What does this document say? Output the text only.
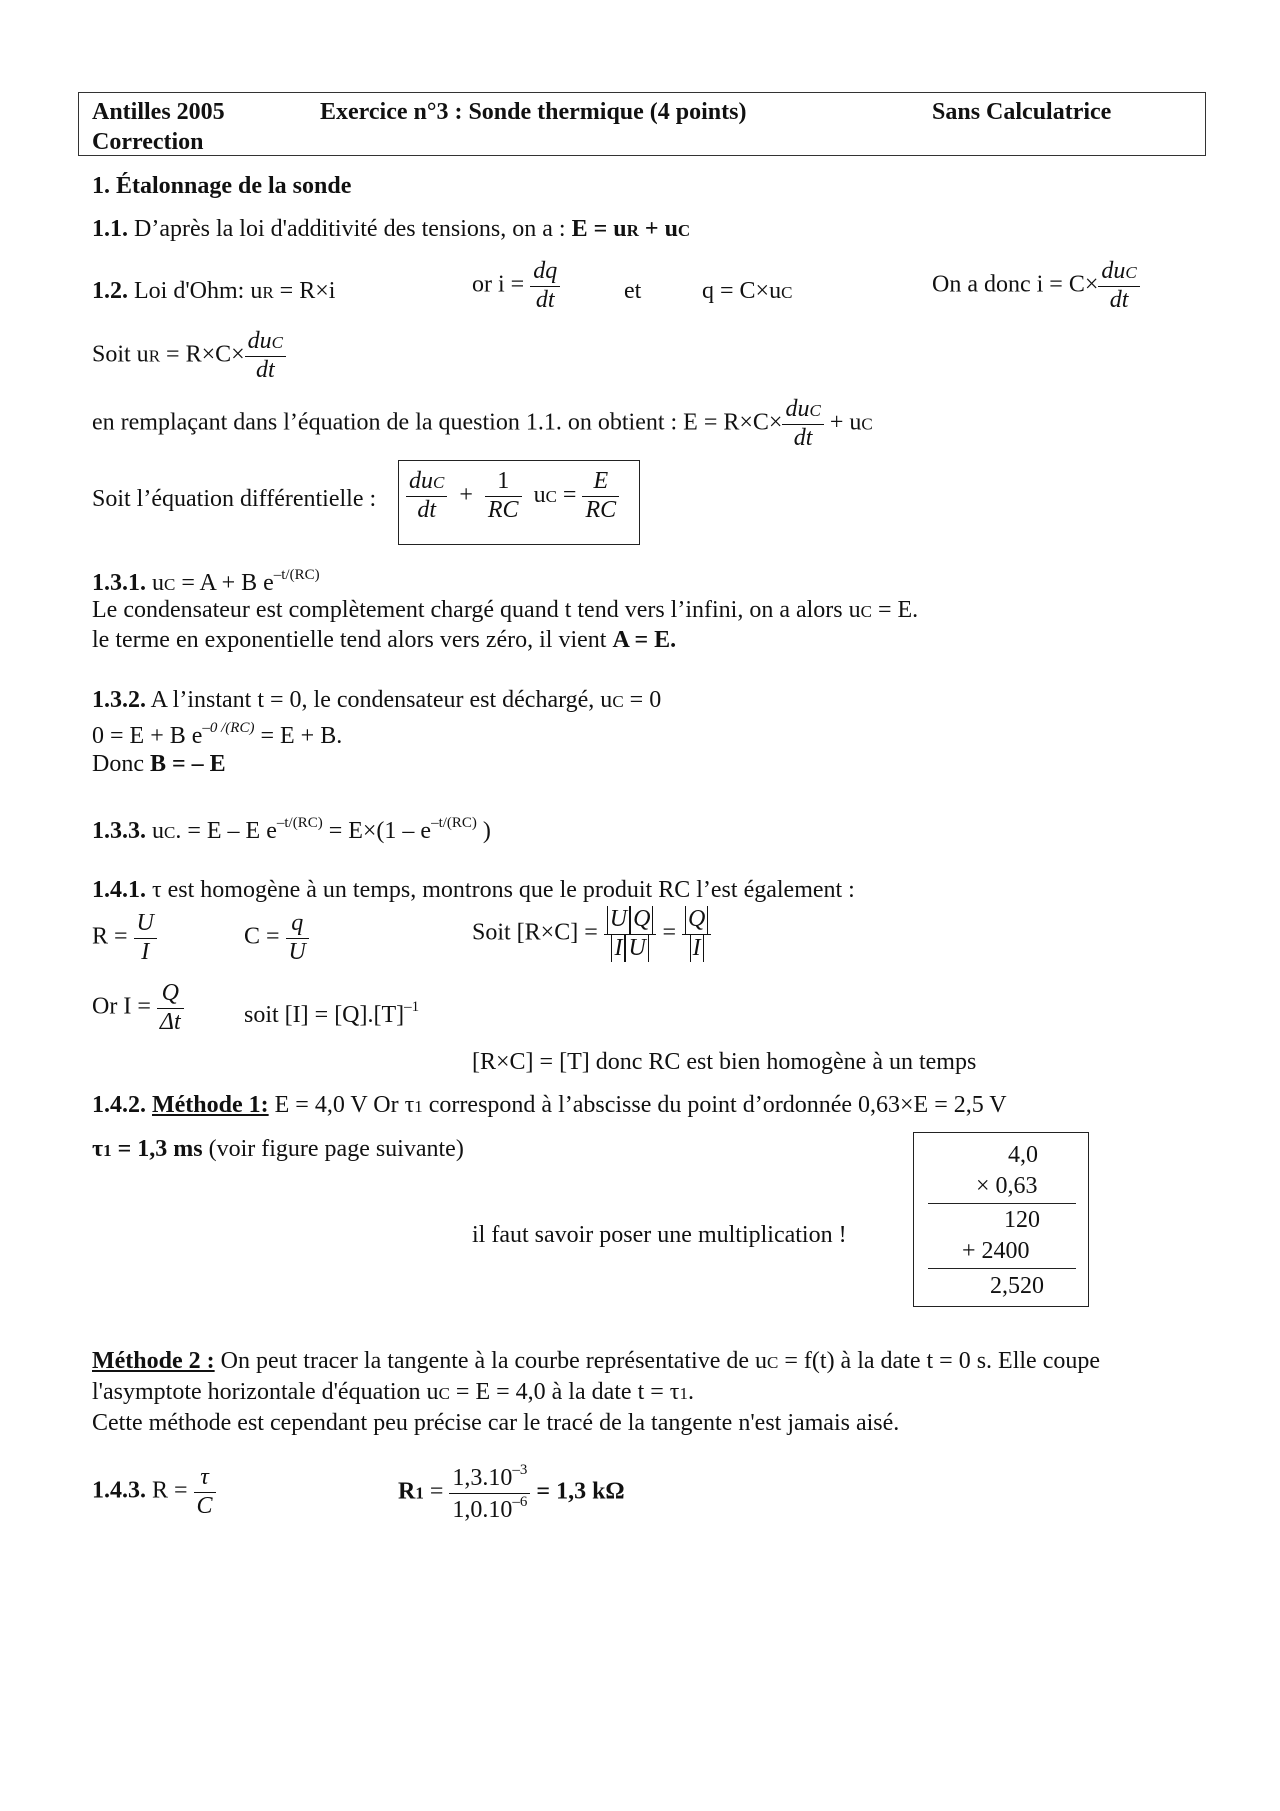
Antilles 2005
Correction
Exercice n°3 : Sonde thermique (4 points)	Sans Calculatrice
1. Étalonnage de la sonde
1.1. D’après la loi d'additivité des tensions, on a : E = uR + uC
1.2. Loi d'Ohm: uR = R×i	or $i = \frac{dq}{dt}$	et	q = C×uC	On a donc $i = C\times \frac{\text{duC}}{dt}$
Soit uR = $R\times C\times \frac{\text{duC}}{dt}$
en remplaçant dans l’équation de la question 1.1. on obtient : $E = R\times C\times \frac{\text{duC}}{dt}$ + uC
Soit l’équation différentielle : $\frac{\text{duC}}{dt} + \frac{1}{RC}$ uC = $\frac{E}{RC}$
1.3.1. uC = A + B $e^{-t/(RC)}$
Le condensateur est complètement chargé quand t tend vers l’infini, on a alors uC = E.
le terme en exponentielle tend alors vers zéro, il vient A = E.
1.3.2. A l’instant t = 0, le condensateur est déchargé, uC = 0
0 = E + B $e^{-0 /(RC)} = E + B$.
Donc B = – E
1.3.3. uC. = E – E $e^{-t/(RC)} = E\times(1 - e^{-t/(RC)}$ )
1.4.1. τ est homogène à un temps, montrons que le produit RC l’est également :
$R = \frac{U}{I}$	$C = \frac{q}{U}$	Soit $[R\times C] = \frac{\text{U Q}}{\text{I U}} = \frac{Q}{I}$
Or $I = \frac{Q}{\Delta t}$	soit $[I] = [Q].[T]^{-1}$
[R×C] = [T] donc RC est bien homogène à un temps
1.4.2. Méthode 1: E = 4,0 V Or τ1 correspond à l’abscisse du point d’ordonnée 0,63×E = 2,5 V
τ1 = 1,3 ms (voir figure page suivante)
il faut savoir poser une multiplication !
4,0
× 0,63
120
+ 2400
2,520
Méthode 2 : On peut tracer la tangente à la courbe représentative de uC = f(t) à la date t = 0 s. Elle coupe
l'asymptote horizontale d'équation uC = E = 4,0 à la date t = τ1.
Cette méthode est cependant peu précise car le tracé de la tangente n'est jamais aisé.
1.4.3. $R = \frac{\tau}{C}$	$R1 = \frac{1,3.10^{-3}}{1,0.10^{-6}} = 1,3$ kΩ
